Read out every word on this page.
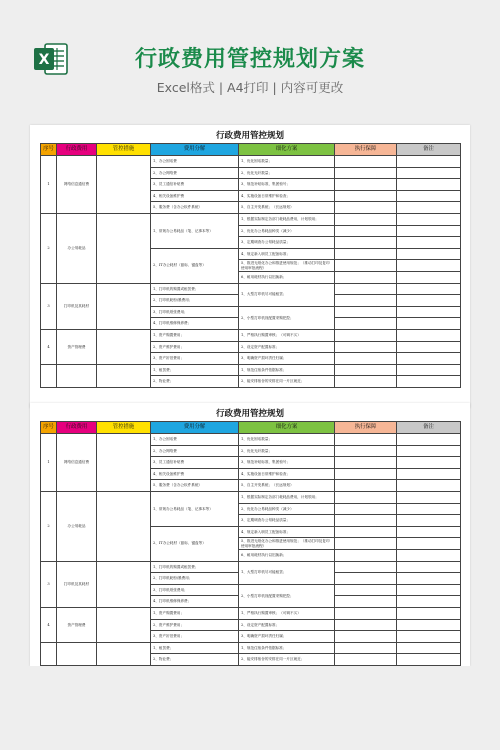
X	行政费用管控规划方案
Excel格式 | A4打印 | 内容可更改
行政费用管控规划
序号	行政费用	管控措施	费用分解	细化方案	执行保障	备注
1	网络信息通信费		1、办公固话费	1、优化固话数量；		
			2、办公网络费	2、优化光纤数量；		
			3、员工通信补贴费	3、规范补贴标准，集团惊号；		
			4、相关设备维护费	4、实施设备日常维护和检查；		
			5、服务费（含办公软件系统）	5、自主开发系统；（长远规划）		
2	办公易耗品		1、常规办公易耗品（笔、记事本等）	1、根据实际制定各部门耗耗品费用，计划领用；		
				2、优化办公易耗品种类（减少）		
				3、定期调查办公易耗品质量；		
			2、IT办公耗材（鼠标、键盘等）	4、规定新入职员工配备标准；		
				5、推进无纸化办公和推进使用规范；（推动打印及复印使用审批流程）		
				6、耐用耗材执行以旧换新；		
3	打印机及其耗材		1、打印机的购置或租赁费；	1、大型打印机尽可能租赁；		
			2、打印机耗粉/墨费用；			
			3、打印机纸张费用；	2、小型打印机视配置采购把控；		
			4、打印机维修保养费；			
4	资产管理费		1、资产购置费用；	1、严格执行购置审核；（可调不买）		
			2、资产维护费用；	2、设定资产配置标准；		
			3、资产折旧费用；	3、明确资产损坏责任归属；		
			1、租赁费；	1、规范住宿条件依据标准；		
			2、物业费；	2、能安排宿舍的安排在同一片区就近；		
行政费用管控规划
序号	行政费用	管控措施	费用分解	细化方案	执行保障	备注
1	网络信息通信费		1、办公固话费	1、优化固话数量；		
			2、办公网络费	2、优化光纤数量；		
			3、员工通信补贴费	3、规范补贴标准，集团惊号；		
			4、相关设备维护费	4、实施设备日常维护和检查；		
			5、服务费（含办公软件系统）	5、自主开发系统；（长远规划）		
2	办公易耗品		1、常规办公易耗品（笔、记事本等）	1、根据实际制定各部门耗耗品费用，计划领用；		
				2、优化办公易耗品种类（减少）		
				3、定期调查办公易耗品质量；		
			2、IT办公耗材（鼠标、键盘等）	4、规定新入职员工配备标准；		
				5、推进无纸化办公和推进使用规范；（推动打印及复印使用审批流程）		
				6、耐用耗材执行以旧换新；		
3	打印机及其耗材		1、打印机的购置或租赁费；	1、大型打印机尽可能租赁；		
			2、打印机耗粉/墨费用；			
			3、打印机纸张费用；	2、小型打印机视配置采购把控；		
			4、打印机维修保养费；			
4	资产管理费		1、资产购置费用；	1、严格执行购置审核；（可调不买）		
			2、资产维护费用；	2、设定资产配置标准；		
			3、资产折旧费用；	3、明确资产损坏责任归属；		
			1、租赁费；	1、规范住宿条件依据标准；		
			2、物业费；	2、能安排宿舍的安排在同一片区就近；		
